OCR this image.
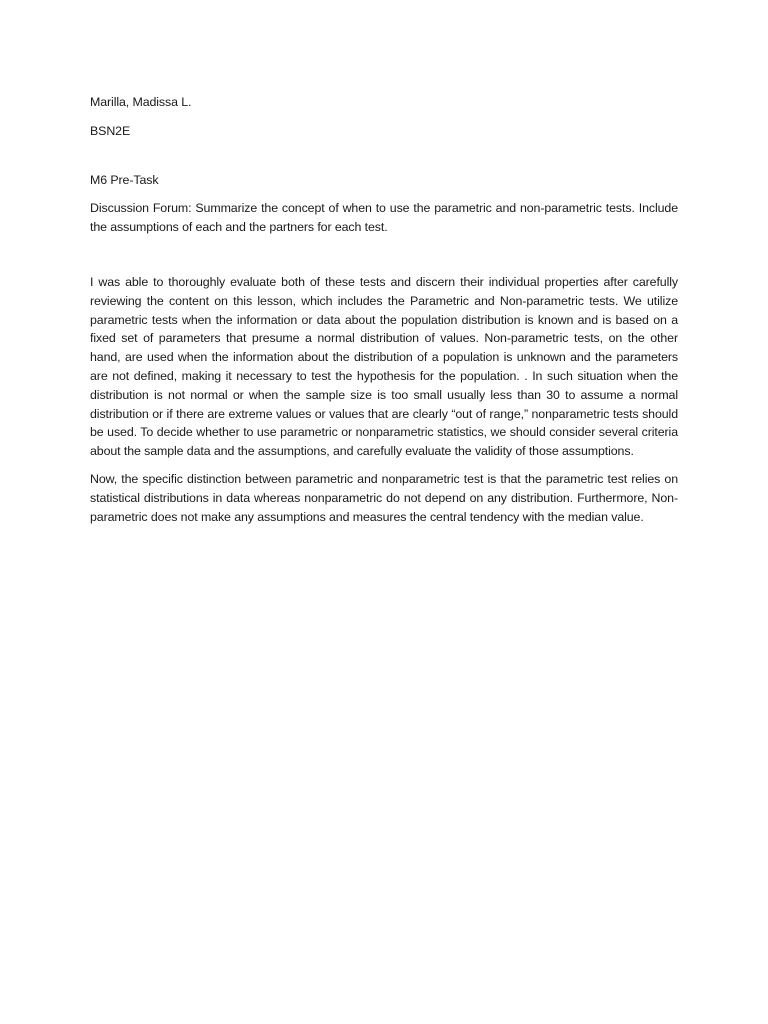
Marilla, Madissa L.

BSN2E

M6 Pre-Task

Discussion Forum: Summarize the concept of when to use the parametric and non-parametric tests. Include the assumptions of each and the partners for each test.

I was able to thoroughly evaluate both of these tests and discern their individual properties after carefully reviewing the content on this lesson, which includes the Parametric and Non-parametric tests. We utilize parametric tests when the information or data about the population distribution is known and is based on a fixed set of parameters that presume a normal distribution of values. Non-parametric tests, on the other hand, are used when the information about the distribution of a population is unknown and the parameters are not defined, making it necessary to test the hypothesis for the population. . In such situation when the distribution is not normal or when the sample size is too small usually less than 30 to assume a normal distribution or if there are extreme values or values that are clearly “out of range,” nonparametric tests should be used. To decide whether to use parametric or nonparametric statistics, we should consider several criteria about the sample data and the assumptions, and carefully evaluate the validity of those assumptions.

Now, the specific distinction between parametric and nonparametric test is that the parametric test relies on statistical distributions in data whereas nonparametric do not depend on any distribution. Furthermore, Non-parametric does not make any assumptions and measures the central tendency with the median value.
